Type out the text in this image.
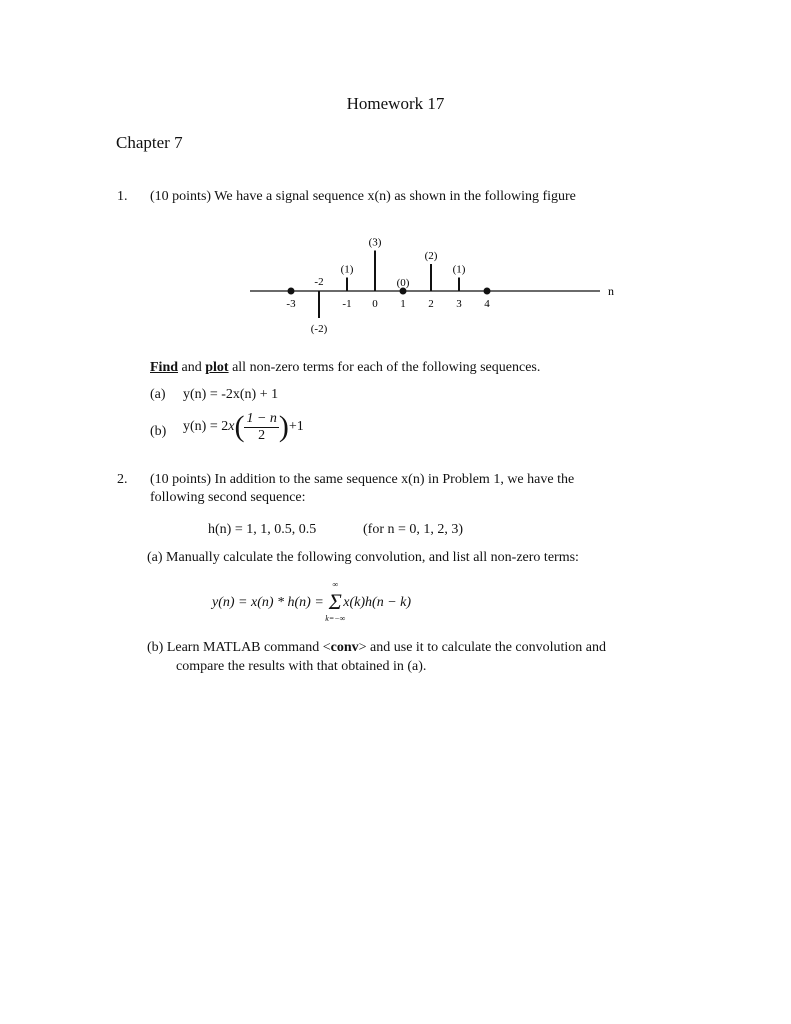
Homework 17
Chapter 7
1. (10 points) We have a signal sequence x(n) as shown in the following figure
n
-3
(-2)
-2
(1)
-1
(3)
0
(0)
1
(2)
2
(1)
3 4
Find and plot all non-zero terms for each of the following sequences.
(a) y(n) = -2x(n) + 1
(b) $y(n) = 2x( \frac{1 - n}{2} )+1$
2. (10 points) In addition to the same sequence x(n) in Problem 1, we have the
following second sequence:
h(n) = 1, 1, 0.5, 0.5	(for n = 0, 1, 2, 3)
(a) Manually calculate the following convolution, and list all non-zero terms:
y(n) = x(n) * h(n) =
∞
Σ
k=−∞
x(k)h(n − k)
(b) Learn MATLAB command <conv> and use it to calculate the convolution and
compare the results with that obtained in (a).
